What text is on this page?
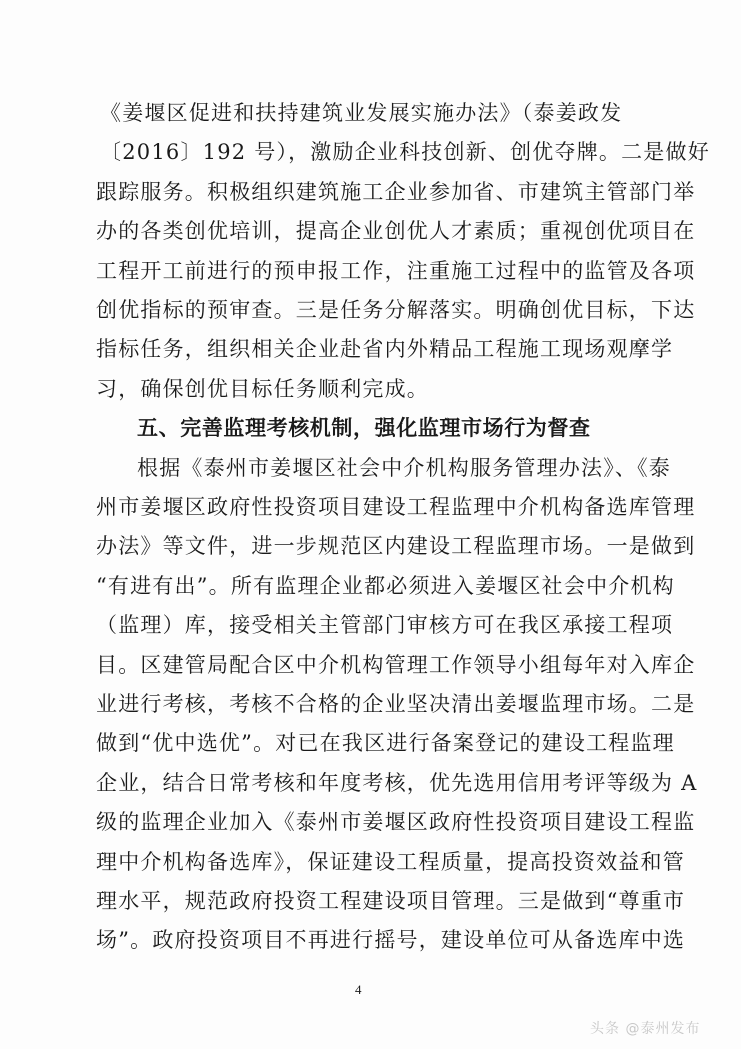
《姜堰区促进和扶持建筑业发展实施办法》（泰姜政发
〔2016〕192 号），激励企业科技创新、创优夺牌。二是做好
跟踪服务。积极组织建筑施工企业参加省、市建筑主管部门举
办的各类创优培训，提高企业创优人才素质；重视创优项目在
工程开工前进行的预申报工作，注重施工过程中的监管及各项
创优指标的预审查。三是任务分解落实。明确创优目标，下达
指标任务，组织相关企业赴省内外精品工程施工现场观摩学
习，确保创优目标任务顺利完成。
五、完善监理考核机制，强化监理市场行为督查
根据《泰州市姜堰区社会中介机构服务管理办法》、《泰
州市姜堰区政府性投资项目建设工程监理中介机构备选库管理
办法》等文件，进一步规范区内建设工程监理市场。一是做到
“有进有出”。所有监理企业都必须进入姜堰区社会中介机构
（监理）库，接受相关主管部门审核方可在我区承接工程项
目。区建管局配合区中介机构管理工作领导小组每年对入库企
业进行考核，考核不合格的企业坚决清出姜堰监理市场。二是
做到“优中选优”。对已在我区进行备案登记的建设工程监理
企业，结合日常考核和年度考核，优先选用信用考评等级为 A
级的监理企业加入《泰州市姜堰区政府性投资项目建设工程监
理中介机构备选库》，保证建设工程质量，提高投资效益和管
理水平，规范政府投资工程建设项目管理。三是做到“尊重市
场”。政府投资项目不再进行摇号，建设单位可从备选库中选
4
头条 @泰州发布
